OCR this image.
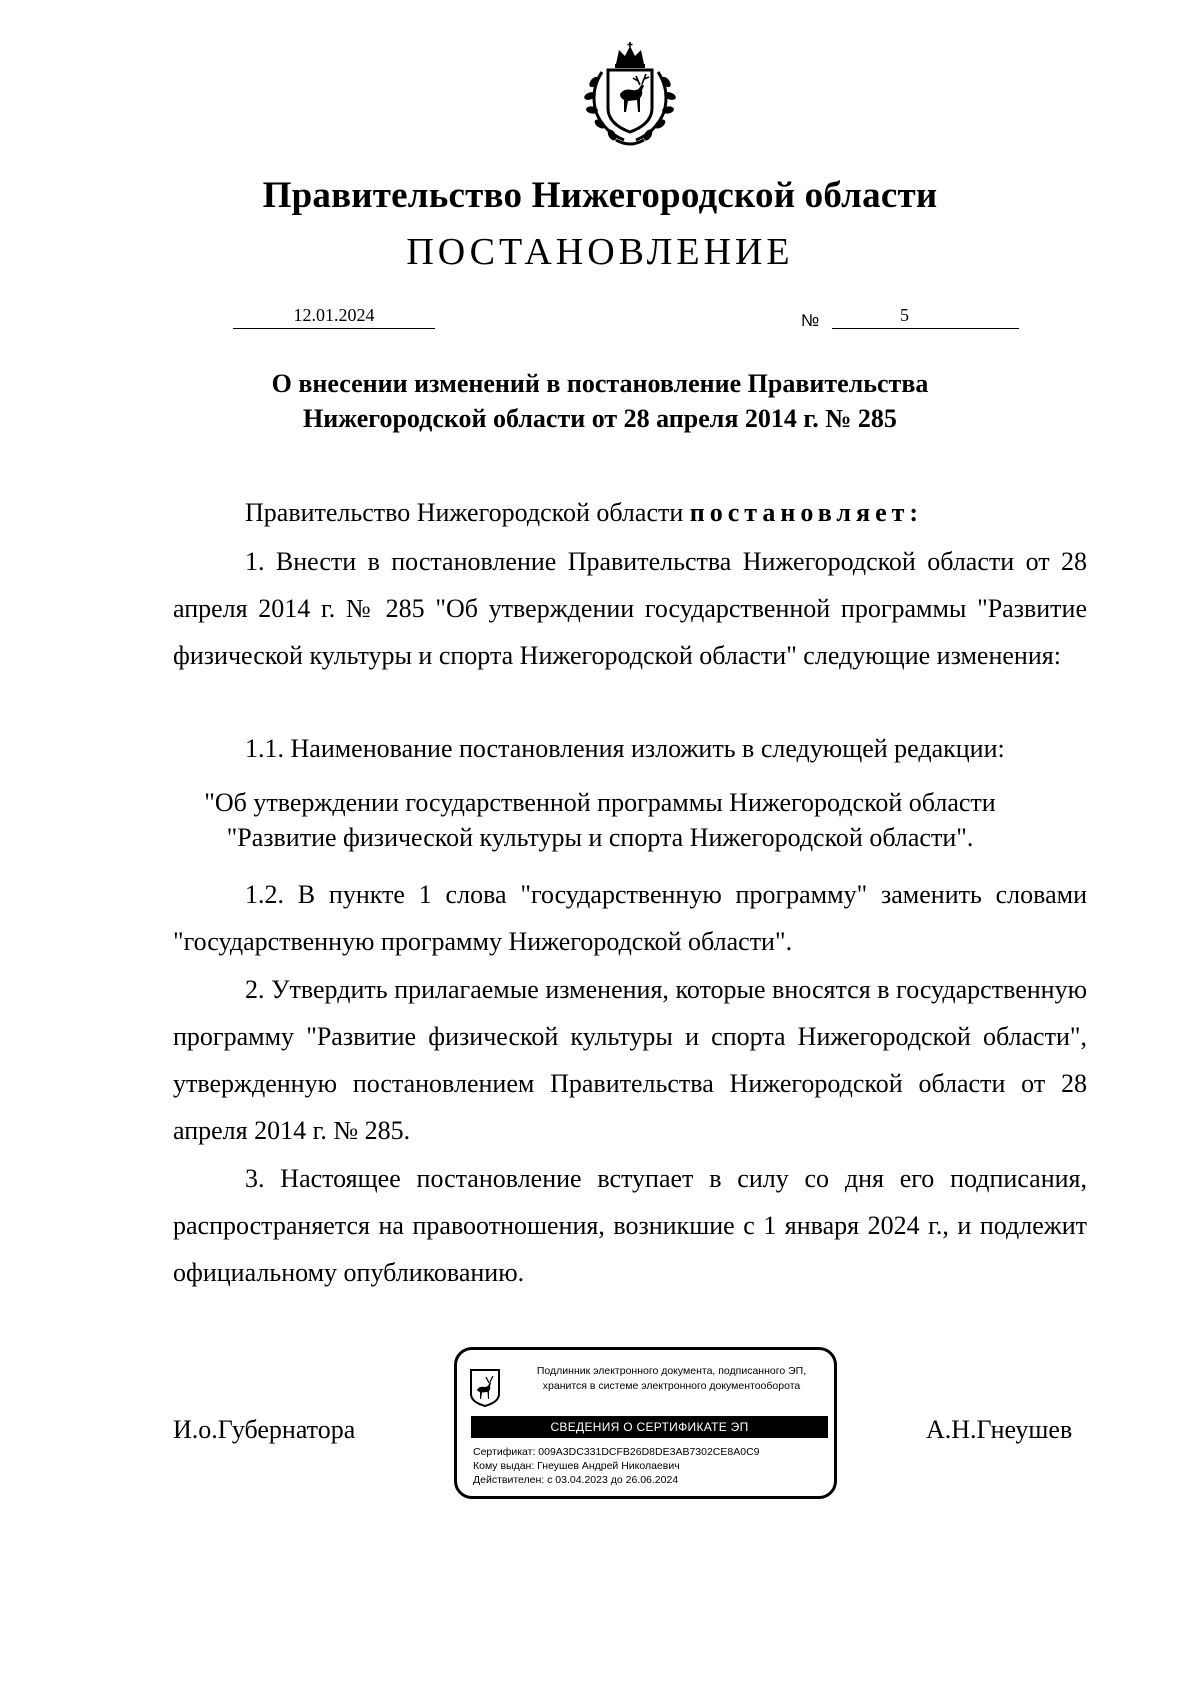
Правительство Нижегородской области
ПОСТАНОВЛЕНИЕ
12.01.2024	№	5
О внесении изменений в постановление Правительства
Нижегородской области от 28 апреля 2014 г. № 285
Правительство Нижегородской области постановляет:
1. Внести в постановление Правительства Нижегородской области от 28 апреля 2014 г. № 285 "Об утверждении государственной программы "Развитие физической культуры и спорта Нижегородской области" следующие изменения:
1.1. Наименование постановления изложить в следующей редакции:
"Об утверждении государственной программы Нижегородской области
"Развитие физической культуры и спорта Нижегородской области".
1.2. В пункте 1 слова "государственную программу" заменить словами "государственную программу Нижегородской области".
2. Утвердить прилагаемые изменения, которые вносятся в государственную программу "Развитие физической культуры и спорта Нижегородской области", утвержденную постановлением Правительства Нижегородской области от 28 апреля 2014 г. № 285.
3. Настоящее постановление вступает в силу со дня его подписания, распространяется на правоотношения, возникшие с 1 января 2024 г., и подлежит официальному опубликованию.
И.о.Губернатора	А.Н.Гнеушев
Подлинник электронного документа, подписанного ЭП,
хранится в системе электронного документооборота
СВЕДЕНИЯ О СЕРТИФИКАТЕ ЭП
Сертификат: 009A3DC331DCFB26D8DE3AB7302CE8A0C9
Кому выдан: Гнеушев Андрей Николаевич
Действителен: с 03.04.2023 до 26.06.2024
